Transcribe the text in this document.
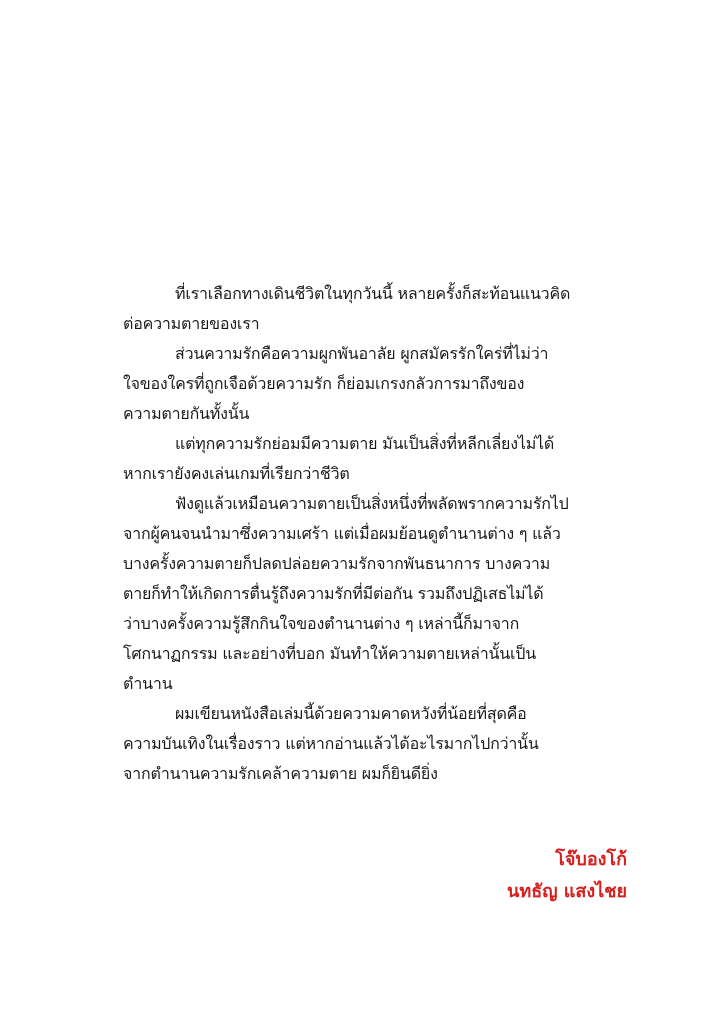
ที่เราเลือกทางเดินชีวิตในทุกวันนี้ หลายครั้งก็สะท้อนแนวคิด
ต่อความตายของเรา
ส่วนความรักคือความผูกพันอาลัย ผูกสมัครรักใคร่ที่ไม่ว่า
ใจของใครที่ถูกเจือด้วยความรัก ก็ย่อมเกรงกลัวการมาถึงของ
ความตายกันทั้งนั้น
แต่ทุกความรักย่อมมีความตาย มันเป็นสิ่งที่หลีกเลี่ยงไม่ได้
หากเรายังคงเล่นเกมที่เรียกว่าชีวิต
ฟังดูแล้วเหมือนความตายเป็นสิ่งหนึ่งที่พลัดพรากความรักไป
จากผู้คนจนนำมาซึ่งความเศร้า แต่เมื่อผมย้อนดูตำนานต่าง ๆ แล้ว
บางครั้งความตายก็ปลดปล่อยความรักจากพันธนาการ บางความ
ตายก็ทำให้เกิดการตื่นรู้ถึงความรักที่มีต่อกัน รวมถึงปฏิเสธไม่ได้
ว่าบางครั้งความรู้สึกกินใจของตำนานต่าง ๆ เหล่านี้ก็มาจาก
โศกนาฏกรรม และอย่างที่บอก มันทำให้ความตายเหล่านั้นเป็น
ตำนาน
ผมเขียนหนังสือเล่มนี้ด้วยความคาดหวังที่น้อยที่สุดคือ
ความบันเทิงในเรื่องราว แต่หากอ่านแล้วได้อะไรมากไปกว่านั้น
จากตำนานความรักเคล้าความตาย ผมก็ยินดียิ่ง
โจ๊บองโก้
นทธัญ แสงไชย
